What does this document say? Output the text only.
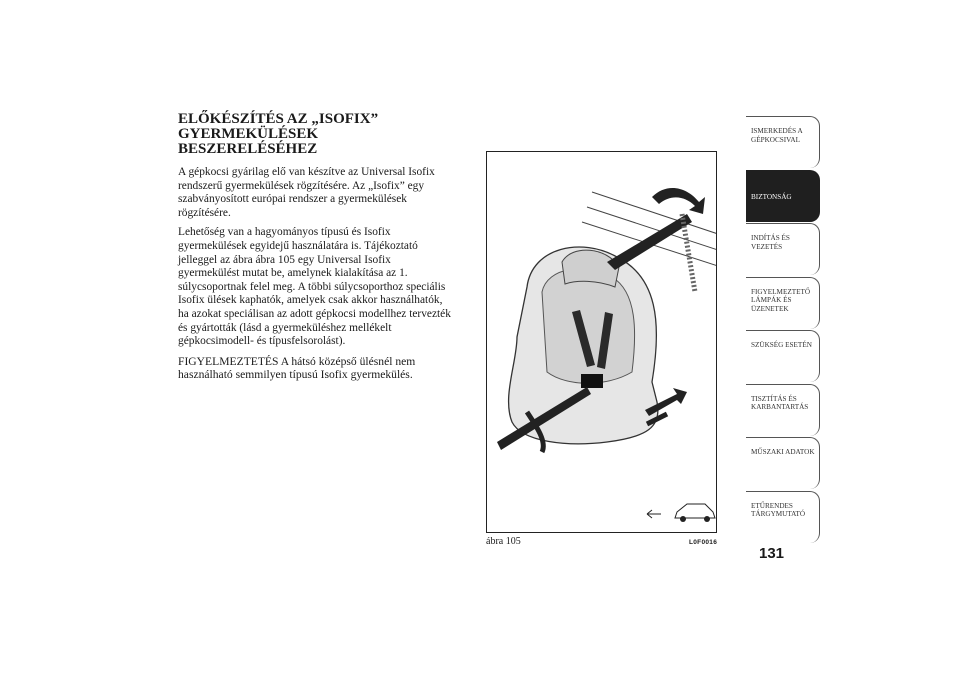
ELŐKÉSZÍTÉS AZ „ISOFIX”
GYERMEKÜLÉSEK
BESZERELÉSÉHEZ

A gépkocsi gyárilag elő van készítve az Universal Isofix rendszerű gyermekülések rögzítésére. Az „Isofix” egy szabványosított európai rendszer a gyermekülések rögzítésére.

Lehetőség van a hagyományos típusú és Isofix gyermekülések egyidejű használatára is. Tájékoztató jelleggel az ábra ábra 105 egy Universal Isofix gyermekülést mutat be, amelynek kialakítása az 1. súlycsoportnak felel meg. A többi súlycsoporthoz speciális Isofix ülések kaphatók, amelyek csak akkor használhatók, ha azokat speciálisan az adott gépkocsi modellhez tervezték és gyártották (lásd a gyermeküléshez mellékelt gépkocsimodell- és típusfelsorolást).

FIGYELMEZTETÉS A hátsó középső ülésnél nem használható semmilyen típusú Isofix gyermekülés.

ábra 105	L0F0016
131
ISMERKEDÉS A
GÉPKOCSIVAL
BIZTONSÁG
INDÍTÁS ÉS
VEZETÉS
FIGYELMEZTETŐ
LÁMPÁK ÉS
ÜZENETEK
SZÜKSÉG ESETÉN
TISZTÍTÁS ÉS
KARBANTARTÁS
MŰSZAKI ADATOK
ETŰRENDES
TÁRGYMUTATÓ
